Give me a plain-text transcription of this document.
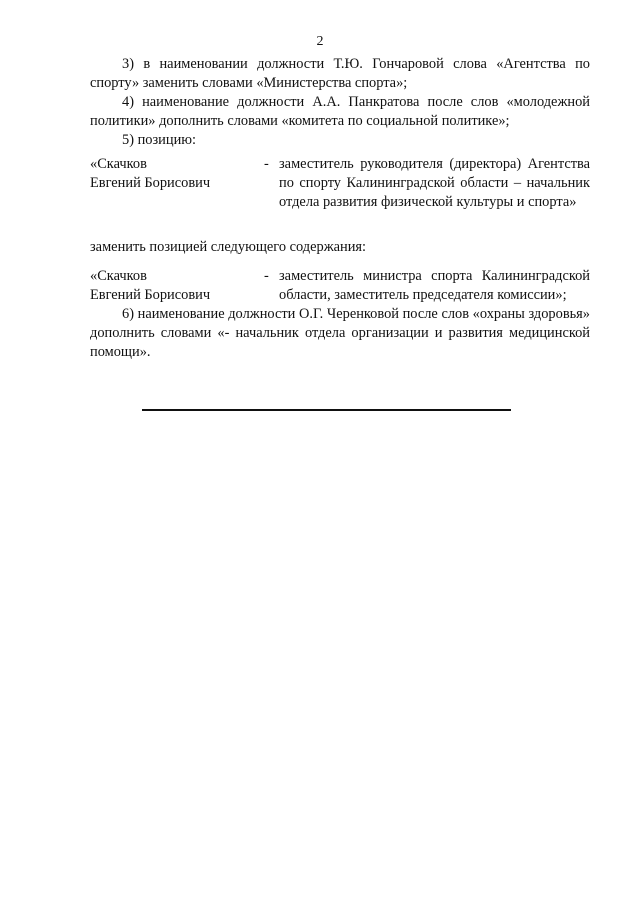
2

3) в наименовании должности Т.Ю. Гончаровой слова «Агентства по спорту» заменить словами «Министерства спорта»;

4) наименование должности А.А. Панкратова после слов «молодежной политики» дополнить словами «комитета по социальной политике»;

5) позицию:

«Скачков
Евгений Борисович
- заместитель руководителя (директора) Агентства по спорту Калининградской области – начальник отдела развития физической культуры и спорта»

заменить позицией следующего содержания:

«Скачков
Евгений Борисович
- заместитель министра спорта Калининградской области, заместитель председателя комиссии»;

6) наименование должности О.Г. Черенковой после слов «охраны здоровья» дополнить словами «- начальник отдела организации и развития медицинской помощи».
